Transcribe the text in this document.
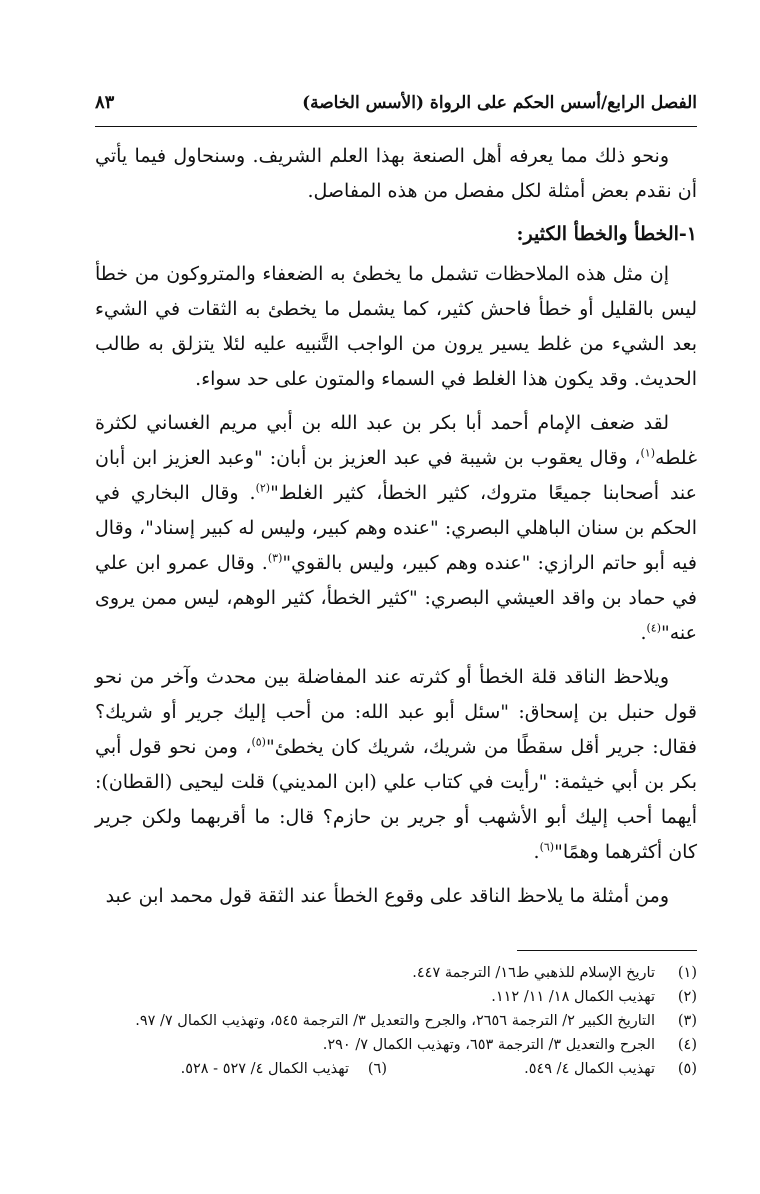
الفصل الرابع/أسس الحكم على الرواة (الأسس الخاصة)
٨٣

ونحو ذلك مما يعرفه أهل الصنعة بهذا العلم الشريف. وسنحاول فيما يأتي أن نقدم بعض أمثلة لكل مفصل من هذه المفاصل.

١-الخطأ والخطأ الكثير:

إن مثل هذه الملاحظات تشمل ما يخطئ به الضعفاء والمتروكون من خطأ ليس بالقليل أو خطأ فاحش كثير، كما يشمل ما يخطئ به الثقات في الشيء بعد الشيء من غلط يسير يرون من الواجب التَّنبيه عليه لئلا يتزلق به طالب الحديث. وقد يكون هذا الغلط في السماء والمتون على حد سواء.

لقد ضعف الإمام أحمد أبا بكر بن عبد الله بن أبي مريم الغساني لكثرة غلطه$^{(١)}$، وقال يعقوب بن شيبة في عبد العزيز بن أبان: "وعبد العزيز ابن أبان عند أصحابنا جميعًا متروك، كثير الخطأ، كثير الغلط"$^{(٢)}$. وقال البخاري في الحكم بن سنان الباهلي البصري: "عنده وهم كبير، وليس له كبير إسناد"، وقال فيه أبو حاتم الرازي: "عنده وهم كبير، وليس بالقوي"$^{(٣)}$. وقال عمرو ابن علي في حماد بن واقد العيشي البصري: "كثير الخطأ، كثير الوهم، ليس ممن يروى عنه"$^{(٤)}$.

ويلاحظ الناقد قلة الخطأ أو كثرته عند المفاضلة بين محدث وآخر من نحو قول حنبل بن إسحاق: "سئل أبو عبد الله: من أحب إليك جرير أو شريك؟ فقال: جرير أقل سقطًا من شريك، شريك كان يخطئ"$^{(٥)}$، ومن نحو قول أبي بكر بن أبي خيثمة: "رأيت في كتاب علي (ابن المديني) قلت ليحيى (القطان): أيهما أحب إليك أبو الأشهب أو جرير بن حازم؟ قال: ما أقربهما ولكن جرير كان أكثرهما وهمًا"$^{(٦)}$.

ومن أمثلة ما يلاحظ الناقد على وقوع الخطأ عند الثقة قول محمد ابن عبد

(١)
تاريخ الإسلام للذهبي ط١٦/ الترجمة ٤٤٧.
(٢)
تهذيب الكمال ١٨/ ١١/ ١١٢.
(٣)
التاريخ الكبير ٢/ الترجمة ٢٦٥٦، والجرح والتعديل ٣/ الترجمة ٥٤٥، وتهذيب الكمال ٧/ ٩٧.
(٤)
الجرح والتعديل ٣/ الترجمة ٦٥٣، وتهذيب الكمال ٧/ ٢٩٠.
(٥)
تهذيب الكمال ٤/ ٥٤٩.
(٦)
تهذيب الكمال ٤/ ٥٢٧ - ٥٢٨.
